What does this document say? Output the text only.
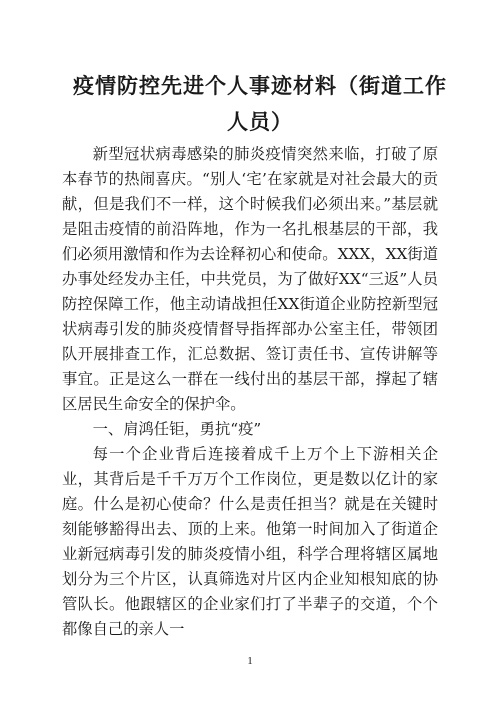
疫情防控先进个人事迹材料（街道工作人员）

新型冠状病毒感染的肺炎疫情突然来临，打破了原本春节的热闹喜庆。“别人‘宅’在家就是对社会最大的贡献，但是我们不一样，这个时候我们必须出来。”基层就是阻击疫情的前沿阵地，作为一名扎根基层的干部，我们必须用激情和作为去诠释初心和使命。XXX，XX街道办事处经发办主任，中共党员，为了做好XX“三返”人员防控保障工作，他主动请战担任XX街道企业防控新型冠状病毒引发的肺炎疫情督导指挥部办公室主任，带领团队开展排查工作，汇总数据、签订责任书、宣传讲解等事宜。正是这么一群在一线付出的基层干部，撑起了辖区居民生命安全的保护伞。

一、肩鸿任钜，勇抗“疫”

每一个企业背后连接着成千上万个上下游相关企业，其背后是千千万万个工作岗位，更是数以亿计的家庭。什么是初心使命？什么是责任担当？就是在关键时刻能够豁得出去、顶的上来。他第一时间加入了街道企业新冠病毒引发的肺炎疫情小组，科学合理将辖区属地划分为三个片区，认真筛选对片区内企业知根知底的协管队长。他跟辖区的企业家们打了半辈子的交道，个个都像自己的亲人一

1
